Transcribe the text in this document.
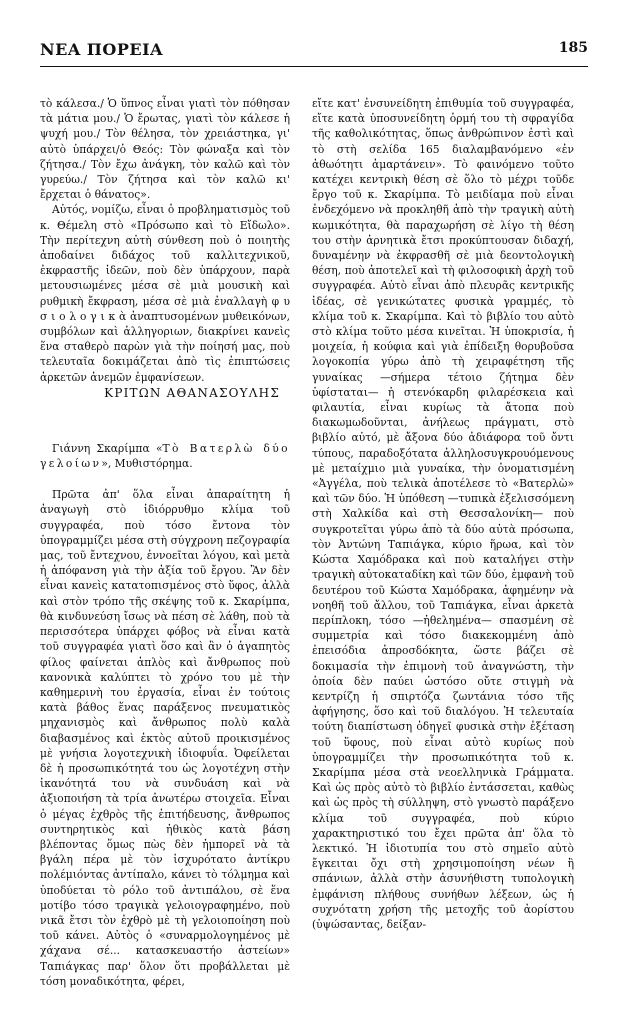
ΝΕΑ ΠΟΡΕΙΑ	185

τὸ κάλεσα./ Ὁ ὕπνος εἶναι γιατὶ τὸν πόθησαν τὰ μάτια μου./ Ὁ ἔρωτας, γιατὶ τὸν κάλεσε ἡ ψυχή μου./ Τὸν θέλησα, τὸν χρειάστηκα, γι' αὐτὸ ὑπάρχει/ὁ Θεός: Τὸν φώναξα καὶ τὸν ζήτησα./ Τὸν ἔχω ἀνάγκη, τὸν καλῶ καὶ τὸν γυρεύω./ Τὸν ζήτησα καὶ τὸν καλῶ κι' ἔρχεται ὁ θάνατος».

Αὐτός, νομίζω, εἶναι ὁ προβληματισμὸς τοῦ κ. Θέμελη στὸ «Πρόσωπο καὶ τὸ Εἴδωλο». Τὴν περίτεχνη αὐτὴ σύνθεση ποὺ ὁ ποιητὴς ἀποδαίνει διδάχος τοῦ καλλιτεχνικοῦ, ἐκφραστῆς ἰδεῶν, ποὺ δὲν ὑπάρχουν, παρὰ μετουσιωμένες μέσα σὲ μιὰ μουσικὴ καὶ ρυθμικὴ ἔκφραση, μέσα σὲ μιὰ ἐναλλαγὴ φ υ σ ι ο λ ο γ ι κ ὰ ἀναπτυσομένων μυθεικόνων, συμβόλων καὶ ἀλληγοριων, διακρίνει κανεὶς ἕνα σταθερὸ παρὼν γιὰ τὴν ποίησή μας, ποὺ τελευταῖα δοκιμάζεται ἀπὸ τὶς ἐπιπτώσεις ἀρκετῶν ἀνεμῶν ἐμφανίσεων.

ΚΡΙΤΩΝ ΑΘΑΝΑΣΟΥΛΗΣ

Γιάννη Σκαρίμπα «Τὸ Βατερλὼ δύο γελοίων», Μυθιστόρημα.

Πρῶτα ἀπ' ὅλα εἶναι ἀπαραίτητη ἡ ἀναγωγὴ στὸ ἰδιόρρυθμο κλίμα τοῦ συγγραφέα, ποὺ τόσο ἔντονα τὸν ὑπογραμμίζει μέσα στὴ σύγχρονη πεζογραφία μας, τοῦ ἔντεχνου, ἐννοεῖται λόγου, καὶ μετὰ ἡ ἀπόφανση γιὰ τὴν ἀξία τοῦ ἔργου. Ἂν δὲν εἶναι κανεὶς κατατοπισμένος στὸ ὕφος, ἀλλὰ καὶ στὸν τρόπο τῆς σκέψης τοῦ κ. Σκαρίμπα, θὰ κινδυνεύση ἴσως νὰ πέση σὲ λάθη, ποὺ τὰ περισσότερα ὑπάρχει φόβος νὰ εἶναι κατὰ τοῦ συγγραφέα γιατὶ ὅσο καὶ ἂν ὁ ἀγαπητὸς φίλος φαίνεται ἁπλὸς καὶ ἄνθρωπος ποὺ κανονικὰ καλύπτει τὸ χρόνο του μὲ τὴν καθημερινὴ του ἐργασία, εἶναι ἐν τούτοις κατὰ βάθος ἕνας παράξενος πνευματικὸς μηχανισμὸς καὶ ἄνθρωπος πολὺ καλὰ διαβασμένος καὶ ἐκτὸς αὐτοῦ προικισμένος μὲ γνήσια λογοτεχνικὴ ἰδιοφυΐα. Ὀφείλεται δὲ ἡ προσωπικότητά του ὡς λογοτέχνη στὴν ἱκανότητά του νὰ συνδυάση καὶ νὰ ἀξιοποιήση τὰ τρία ἀνωτέρω στοιχεῖα. Εἶναι ὁ μέγας ἐχθρὸς τῆς ἐπιτήδευσης, ἄνθρωπος συντηρητικὸς καὶ ἠθικὸς κατὰ βάση βλέποντας ὅμως πὼς δὲν ἠμπορεῖ νὰ τὰ βγάλη πέρα μὲ τὸν ἰσχυρότατο ἀντίκρυ πολέμιόντας ἀντίπαλο, κάνει τὸ τόλμημα καὶ ὑποδύεται τὸ ρόλο τοῦ ἀντιπάλου, σὲ ἕνα μοτίβο τόσο τραγικὰ γελοιογραφημένο, ποὺ νικᾶ ἔτσι τὸν ἐχθρὸ μὲ τὴ γελοιοποίηση ποὺ τοῦ κάνει. Αὐτὸς ὁ «συναρμολογημένος μὲ χάχανα σέ... κατασκευαστήο ἀστείων» Ταπιάγκας παρ' ὅλον ὅτι προβάλλεται μὲ τόση μοναδικότητα, φέρει,

εἴτε κατ' ἐνσυνείδητη ἐπιθυμία τοῦ συγγραφέα, εἴτε κατὰ ὑποσυνείδητη ὁρμή του τὴ σφραγίδα τῆς καθολικότητας, ὅπως ἀνθρώπινον ἐστὶ καὶ τὸ στὴ σελίδα 165 διαλαμβανόμενο «ἐν ἀθωότητι ἁμαρτάνειν». Τὸ φαινόμενο τοῦτο κατέχει κεντρικὴ θέση σὲ ὅλο τὸ μέχρι τοῦδε ἔργο τοῦ κ. Σκαρίμπα. Τὸ μειδίαμα ποὺ εἶναι ἐνδεχόμενο νὰ προκληθῆ ἀπὸ τὴν τραγικὴ αὐτὴ κωμικότητα, θὰ παραχωρήση σὲ λίγο τὴ θέση του στὴν ἀρνητικὰ ἔτσι προκύπτουσαν διδαχή, δυναμένην νὰ ἐκφρασθῆ σὲ μιὰ δεοντολογικὴ θέση, ποὺ ἀποτελεῖ καὶ τὴ φιλοσοφικὴ ἀρχὴ τοῦ συγγραφέα. Αὐτὸ εἶναι ἀπὸ πλευρᾶς κεντρικῆς ἰδέας, σὲ γενικώτατες φυσικὰ γραμμές, τὸ κλίμα τοῦ κ. Σκαρίμπα. Καὶ τὸ βιβλίο του αὐτὸ στὸ κλίμα τοῦτο μέσα κινεῖται. Ἡ ὑποκρισία, ἡ μοιχεία, ἡ κούφια καὶ γιὰ ἐπίδειξη θορυβοῦσα λογοκοπία γύρω ἀπὸ τὴ χειραφέτηση τῆς γυναίκας —σήμερα τέτοιο ζήτημα δὲν ὑφίσταται— ἡ στενόκαρδη φιλαρέσκεια καὶ φιλαυτία, εἶναι κυρίως τὰ ἄτοπα ποὺ διακωμωδοῦνται, ἀνήλεως πράγματι, στὸ βιβλίο αὐτό, μὲ ἄξονα δύο ἀδιάφορα τοῦ ὄντι τύπους, παραδοξότατα ἀλληλοσυγκρουόμενους μὲ μεταίχμιο μιὰ γυναίκα, τὴν ὀνοματισμένη «Ἀγγέλα, ποὺ τελικὰ ἀποτέλεσε τὸ «Βατερλὼ» καὶ τῶν δύο. Ἡ ὑπόθεση —τυπικὰ ἐξελισσόμενη στὴ Χαλκίδα καὶ στὴ Θεσσαλονίκη— ποὺ συγκροτεῖται γύρω ἀπὸ τὰ δύο αὐτὰ πρόσωπα, τὸν Ἀντώνη Ταπιάγκα, κύριο ἥρωα, καὶ τὸν Κώστα Χαμόδρακα καὶ ποὺ καταλήγει στὴν τραγικὴ αὐτοκαταδίκη καὶ τῶν δύο, ἐμφανὴ τοῦ δευτέρου τοῦ Κώστα Χαμόδρακα, ἀφημένην νὰ νοηθῆ τοῦ ἄλλου, τοῦ Ταπιάγκα, εἶναι ἀρκετὰ περίπλοκη, τόσο —ἠθελημένα— σπασμένη σὲ συμμετρία καὶ τόσο διακεκομμένη ἀπὸ ἐπεισόδια ἀπροσδόκητα, ὥστε βάζει σὲ δοκιμασία τὴν ἐπιμονὴ τοῦ ἀναγνώστη, τὴν ὁποία δὲν παύει ὡστόσο οὔτε στιγμὴ νὰ κεντρίζη ἡ σπιρτόζα ζωντάνια τόσο τῆς ἀφήγησης, ὅσο καὶ τοῦ διαλόγου. Ἡ τελευταία τούτη διαπίστωση ὁδηγεῖ φυσικὰ στὴν ἐξέταση τοῦ ὕφους, ποὺ εἶναι αὐτὸ κυρίως ποὺ ὑπογραμμίζει τὴν προσωπικότητα τοῦ κ. Σκαρίμπα μέσα στὰ νεοελληνικὰ Γράμματα. Καὶ ὡς πρὸς αὐτὸ τὸ βιβλίο ἐντάσσεται, καθὼς καὶ ὡς πρὸς τὴ σύλληψη, στὸ γνωστὸ παράξενο κλίμα τοῦ συγγραφέα, ποὺ κύριο χαρακτηριστικό του ἔχει πρῶτα ἀπ' ὅλα τὸ λεκτικό. Ἡ ἰδιοτυπία του στὸ σημεῖο αὐτὸ ἔγκειται ὄχι στὴ χρησιμοποίηση νέων ἢ σπάνιων, ἀλλὰ στὴν ἀσυνήθιστη τυπολογικὴ ἐμφάνιση πλήθους συνήθων λέξεων, ὡς ἡ συχνότατη χρήση τῆς μετοχῆς τοῦ ἀορίστου (ὑψώσαντας, δείξαν-
